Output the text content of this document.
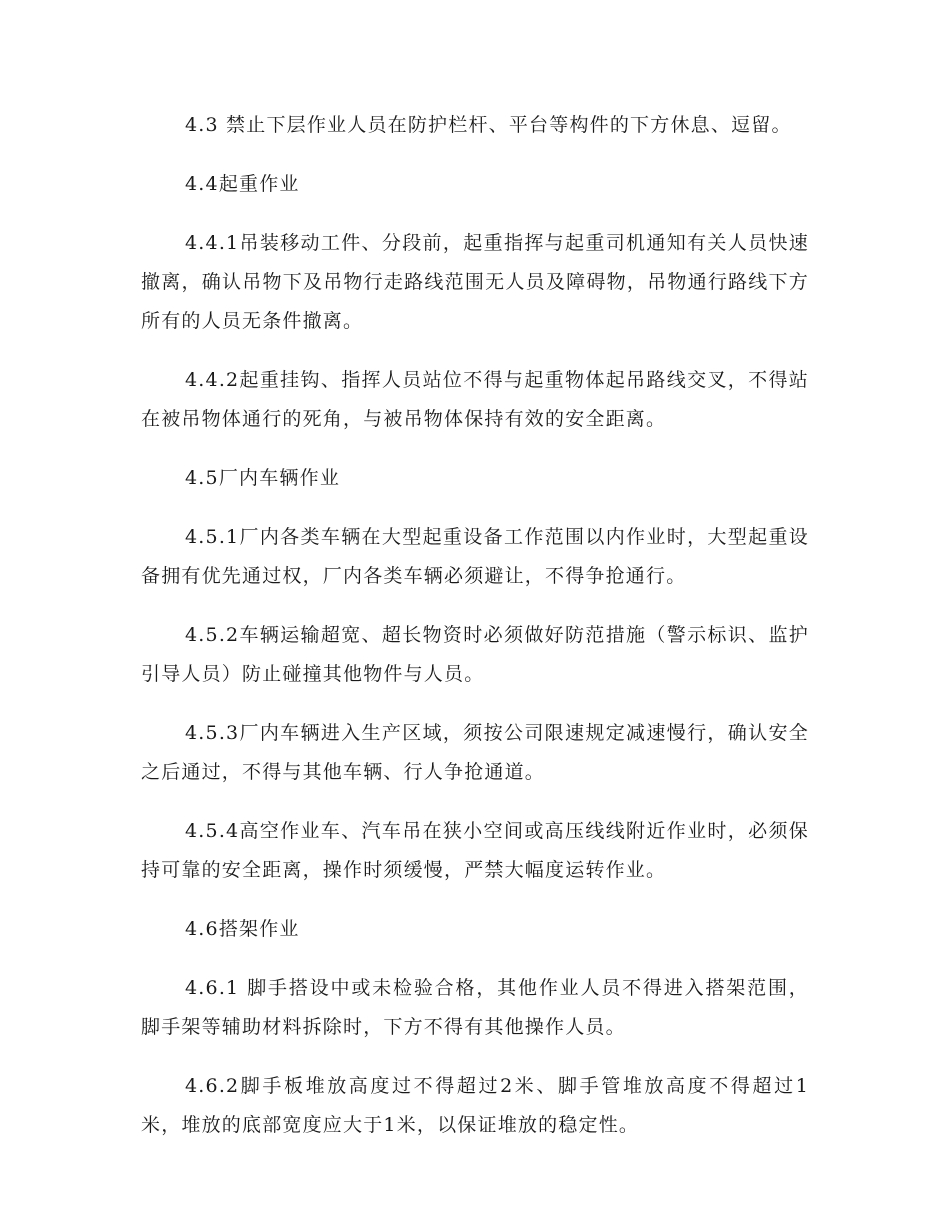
4.3 禁止下层作业人员在防护栏杆、平台等构件的下方休息、逗留。

4.4起重作业

4.4.1吊装移动工件、分段前，起重指挥与起重司机通知有关人员快速撤离，确认吊物下及吊物行走路线范围无人员及障碍物，吊物通行路线下方所有的人员无条件撤离。

4.4.2起重挂钩、指挥人员站位不得与起重物体起吊路线交叉，不得站在被吊物体通行的死角，与被吊物体保持有效的安全距离。

4.5厂内车辆作业

4.5.1厂内各类车辆在大型起重设备工作范围以内作业时，大型起重设备拥有优先通过权，厂内各类车辆必须避让，不得争抢通行。

4.5.2车辆运输超宽、超长物资时必须做好防范措施（警示标识、监护引导人员）防止碰撞其他物件与人员。

4.5.3厂内车辆进入生产区域，须按公司限速规定减速慢行，确认安全之后通过，不得与其他车辆、行人争抢通道。

4.5.4高空作业车、汽车吊在狭小空间或高压线线附近作业时，必须保持可靠的安全距离，操作时须缓慢，严禁大幅度运转作业。

4.6搭架作业

4.6.1 脚手搭设中或未检验合格，其他作业人员不得进入搭架范围，脚手架等辅助材料拆除时，下方不得有其他操作人员。

4.6.2脚手板堆放高度过不得超过2米、脚手管堆放高度不得超过1米，堆放的底部宽度应大于1米，以保证堆放的稳定性。
